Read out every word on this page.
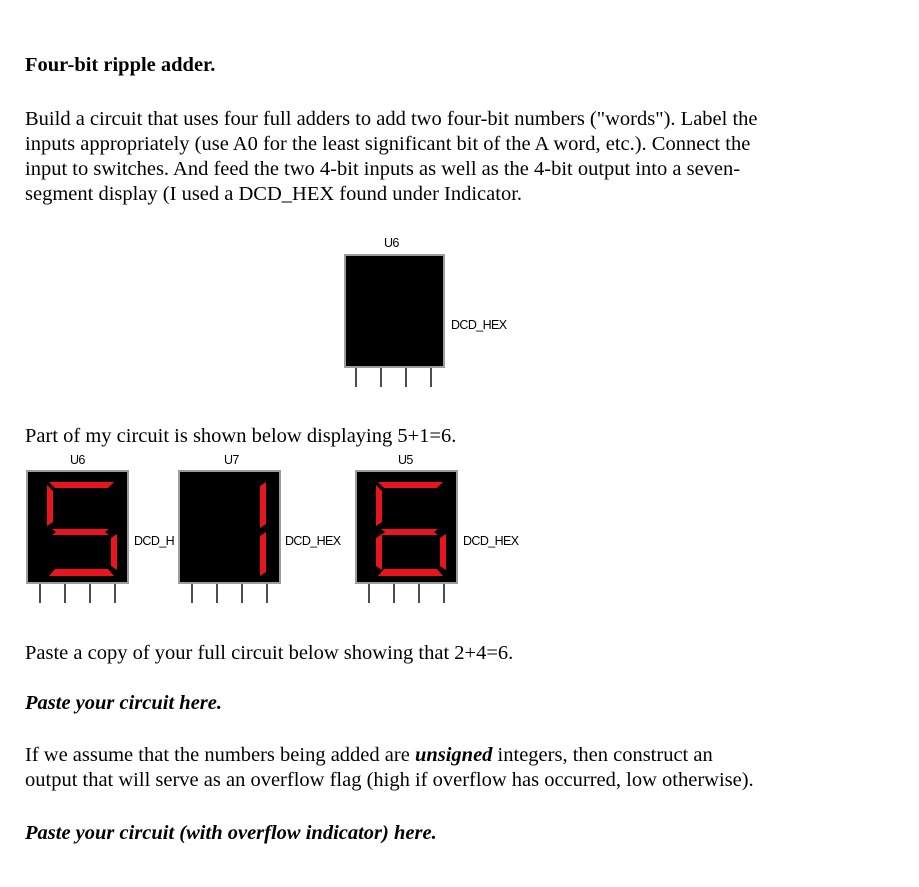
Four-bit ripple adder.

Build a circuit that uses four full adders to add two four-bit numbers ("words"). Label the

inputs appropriately (use A0 for the least significant bit of the A word, etc.). Connect the

input to switches. And feed the two 4-bit inputs as well as the 4-bit output into a seven-

segment display (I used a DCD_HEX found under Indicator.

U6
DCD_HEX

Part of my circuit is shown below displaying 5+1=6.

U6
DCD_H
U7
DCD_HEX
U5
DCD_HEX

Paste a copy of your full circuit below showing that 2+4=6.

Paste your circuit here.

If we assume that the numbers being added are unsigned integers, then construct an

output that will serve as an overflow flag (high if overflow has occurred, low otherwise).

Paste your circuit (with overflow indicator) here.
